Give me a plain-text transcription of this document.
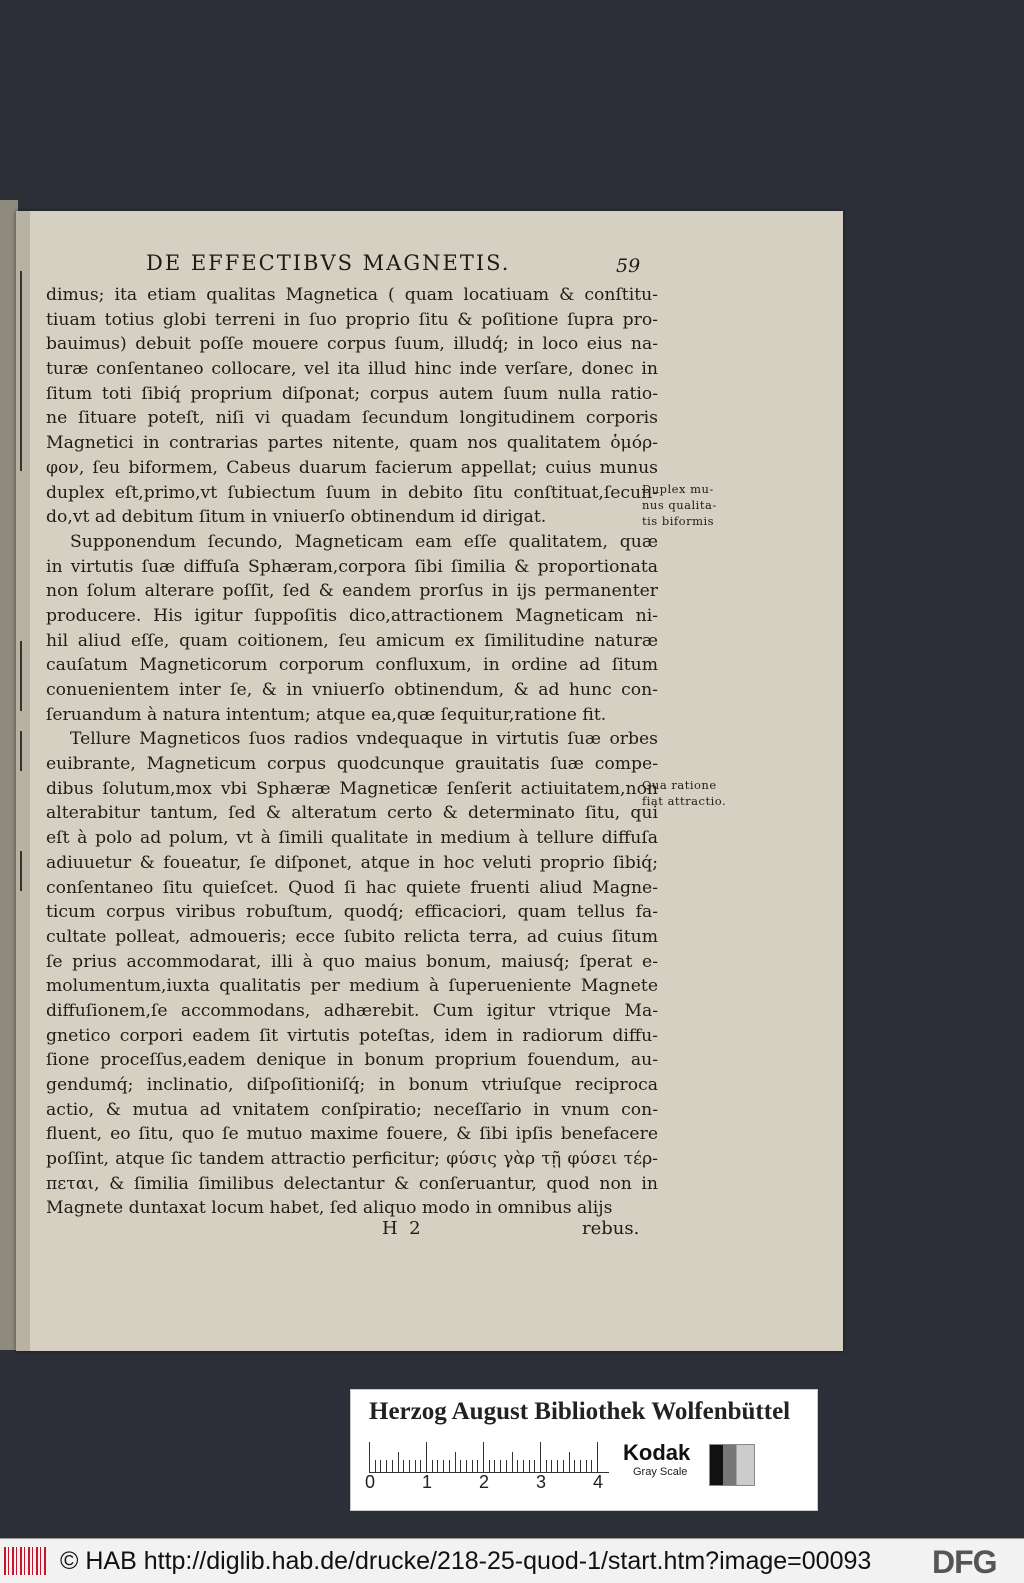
DE EFFECTIBVS MAGNETIS.	59
dimus; ita etiam qualitas Magnetica ( quam locatiuam & conſtitu-
tiuam totius globi terreni in ſuo proprio ſitu & poſitione ſupra pro-
bauimus) debuit poſſe mouere corpus ſuum, illudq́; in loco eius na-
turæ conſentaneo collocare, vel ita illud hinc inde verſare, donec in
ſitum toti ſibiq́ proprium diſponat; corpus autem ſuum nulla ratio-
ne ſituare poteſt, niſi vi quadam ſecundum longitudinem corporis
Magnetici in contrarias partes nitente, quam nos qualitatem ὁμόρ-
φον, ſeu biformem, Cabeus duarum facierum appellat; cuius munus
duplex eſt,primo,vt ſubiectum ſuum in debito ſitu conſtituat,ſecun-
do,vt ad debitum ſitum in vniuerſo obtinendum id dirigat.
Supponendum ſecundo, Magneticam eam eſſe qualitatem, quæ
in virtutis ſuæ diffuſa Sphæram,corpora ſibi ſimilia & proportionata
non ſolum alterare poſſit, ſed & eandem prorſus in ijs permanenter
producere. His igitur ſuppoſitis dico,attractionem Magneticam ni-
hil aliud eſſe, quam coitionem, ſeu amicum ex ſimilitudine naturæ
cauſatum Magneticorum corporum confluxum, in ordine ad ſitum
conuenientem inter ſe, & in vniuerſo obtinendum, & ad hunc con-
ſeruandum à natura intentum; atque ea,quæ ſequitur,ratione fit.
Tellure Magneticos ſuos radios vndequaque in virtutis ſuæ orbes
euibrante, Magneticum corpus quodcunque grauitatis ſuæ compe-
dibus ſolutum,mox vbi Sphæræ Magneticæ ſenſerit actiuitatem,non
alterabitur tantum, ſed & alteratum certo & determinato ſitu, qui
eſt à polo ad polum, vt à ſimili qualitate in medium à tellure diffuſa
adiuuetur & foueatur, ſe diſponet, atque in hoc veluti proprio ſibiq́;
conſentaneo ſitu quieſcet. Quod ſi hac quiete fruenti aliud Magne-
ticum corpus viribus robuſtum, quodq́; efficaciori, quam tellus fa-
cultate polleat, admoueris; ecce ſubito relicta terra, ad cuius ſitum
ſe prius accommodarat, illi à quo maius bonum, maiusq́; ſperat e-
molumentum,iuxta qualitatis per medium à ſuperueniente Magnete
diffuſionem,ſe accommodans, adhærebit. Cum igitur vtrique Ma-
gnetico corpori eadem ſit virtutis poteſtas, idem in radiorum diffu-
ſione proceſſus,eadem denique in bonum proprium fouendum, au-
gendumq́; inclinatio, diſpoſitioniſq́; in bonum vtriuſque reciproca
actio, & mutua ad vnitatem conſpiratio; neceſſario in vnum con-
fluent, eo ſitu, quo ſe mutuo maxime fouere, & ſibi ipſis benefacere
poſſint, atque ſic tandem attractio perficitur; φύσις γὰρ τῇ φύσει τέρ-
πεται, & ſimilia ſimilibus delectantur & conſeruantur, quod non in
Magnete duntaxat locum habet, ſed aliquo modo in omnibus alijs
Duplex mu-
nus qualita-
tis biformis
Qua ratione
fiat attractio.
H  2	rebus.
Herzog August Bibliothek Wolfenbüttel
0	1	2	3	4
Kodak
Gray Scale
© HAB http://diglib.hab.de/drucke/218-25-quod-1/start.htm?image=00093 DFG
